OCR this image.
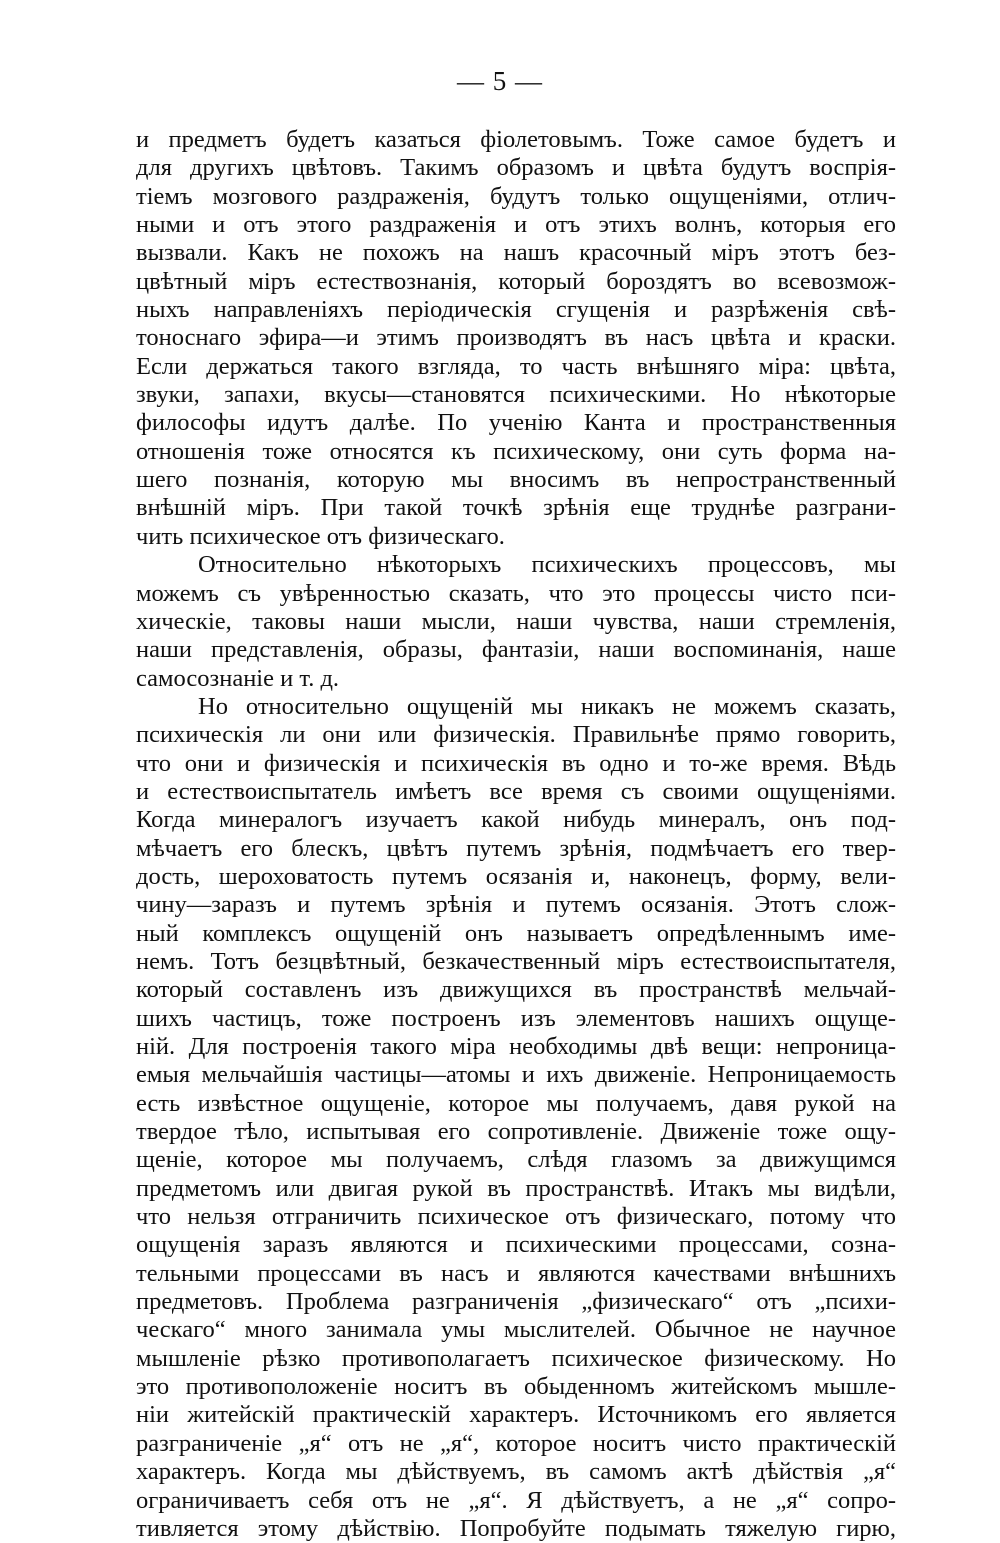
— 5 —
и предметъ будетъ казаться фіолетовымъ. Тоже самое будетъ и
для другихъ цвѣтовъ. Такимъ образомъ и цвѣта будутъ воспрія-
тіемъ мозгового раздраженія, будутъ только ощущеніями, отлич-
ными и отъ этого раздраженія и отъ этихъ волнъ, которыя его
вызвали. Какъ не похожъ на нашъ красочный міръ этотъ без-
цвѣтный міръ естествознанія, который бороздятъ во всевозмож-
ныхъ направленіяхъ періодическія сгущенія и разрѣженія свѣ-
тоноснаго эфира—и этимъ производятъ въ насъ цвѣта и краски.
Если держаться такого взгляда, то часть внѣшняго міра: цвѣта,
звуки, запахи, вкусы—становятся психическими. Но нѣкоторые
философы идутъ далѣе. По ученію Канта и пространственныя
отношенія тоже относятся къ психическому, они суть форма на-
шего познанія, которую мы вносимъ въ непространственный
внѣшній міръ. При такой точкѣ зрѣнія еще труднѣе разграни-
чить психическое отъ физическаго.
Относительно нѣкоторыхъ психическихъ процессовъ, мы
можемъ съ увѣренностью сказать, что это процессы чисто пси-
хическіе, таковы наши мысли, наши чувства, наши стремленія,
наши представленія, образы, фантазіи, наши воспоминанія, наше
самосознаніе и т. д.
Но относительно ощущеній мы никакъ не можемъ сказать,
психическія ли они или физическія. Правильнѣе прямо говорить,
что они и физическія и психическія въ одно и то-же время. Вѣдь
и естествоиспытатель имѣетъ все время съ своими ощущеніями.
Когда минералогъ изучаетъ какой нибудь минералъ, онъ под-
мѣчаетъ его блескъ, цвѣтъ путемъ зрѣнія, подмѣчаетъ его твер-
дость, шероховатость путемъ осязанія и, наконецъ, форму, вели-
чину—заразъ и путемъ зрѣнія и путемъ осязанія. Этотъ слож-
ный комплексъ ощущеній онъ называетъ опредѣленнымъ име-
немъ. Тотъ безцвѣтный, безкачественный міръ естествоиспытателя,
который составленъ изъ движущихся въ пространствѣ мельчай-
шихъ частицъ, тоже построенъ изъ элементовъ нашихъ ощуще-
ній. Для построенія такого міра необходимы двѣ вещи: непроница-
емыя мельчайшія частицы—атомы и ихъ движеніе. Непроницаемость
есть извѣстное ощущеніе, которое мы получаемъ, давя рукой на
твердое тѣло, испытывая его сопротивленіе. Движеніе тоже ощу-
щеніе, которое мы получаемъ, слѣдя глазомъ за движущимся
предметомъ или двигая рукой въ пространствѣ. Итакъ мы видѣли,
что нельзя отграничить психическое отъ физическаго, потому что
ощущенія заразъ являются и психическими процессами, созна-
тельными процессами въ насъ и являются качествами внѣшнихъ
предметовъ. Проблема разграниченія „физическаго“ отъ „психи-
ческаго“ много занимала умы мыслителей. Обычное не научное
мышленіе рѣзко противополагаетъ психическое физическому. Но
это противоположеніе носитъ въ обыденномъ житейскомъ мышле-
ніи житейскій практическій характеръ. Источникомъ его является
разграниченіе „я“ отъ не „я“, которое носитъ чисто практическій
характеръ. Когда мы дѣйствуемъ, въ самомъ актѣ дѣйствія „я“
ограничиваетъ себя отъ не „я“. Я дѣйствуетъ, а не „я“ сопро-
тивляется этому дѣйствію. Попробуйте подымать тяжелую гирю,
